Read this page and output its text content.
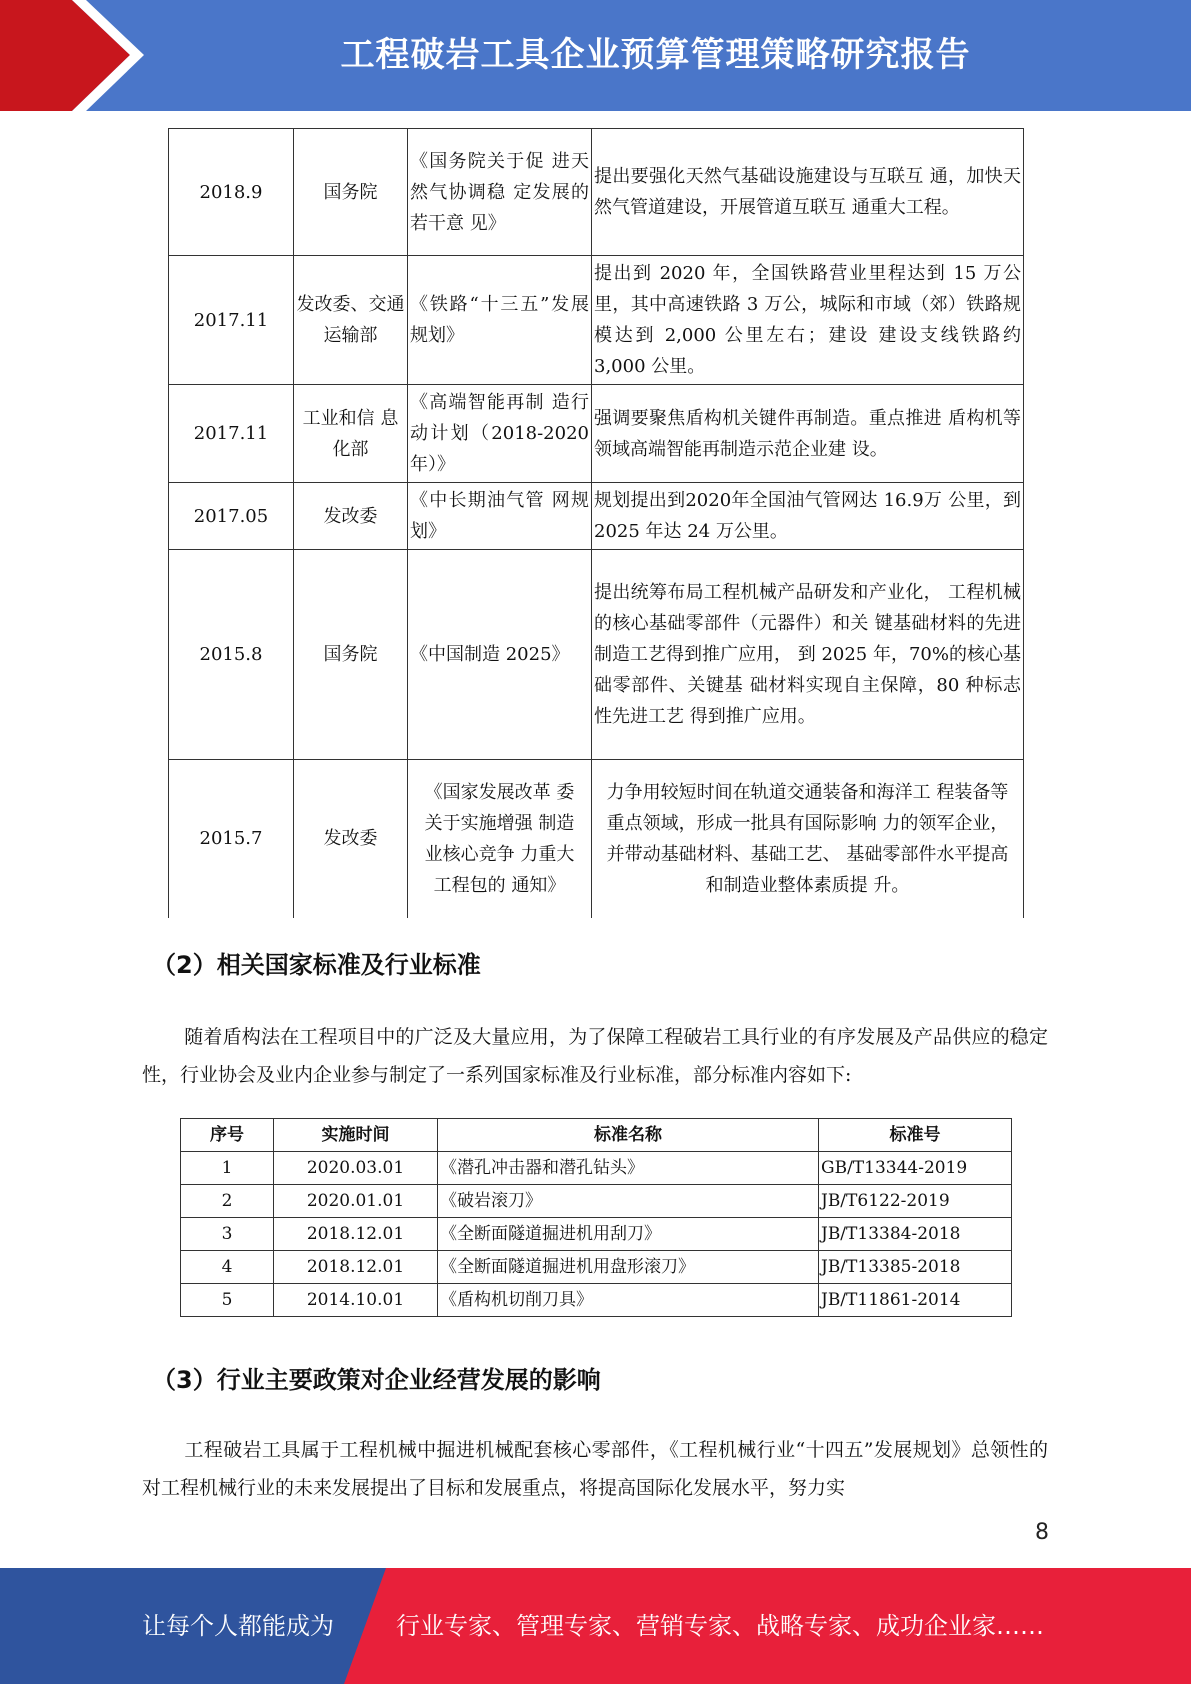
工程破岩工具企业预算管理策略研究报告
2018.9	国务院	《国务院关于促 进天然气协调稳 定发展的若干意 见》	提出要强化天然气基础设施建设与互联互 通，加快天然气管道建设，开展管道互联互 通重大工程。
2017.11	发改委、交通运输部	《铁路“十三五”发展规划》	提出到 2020 年，全国铁路营业里程达到 15 万公里，其中高速铁路 3 万公，城际和市域（郊）铁路规模达到 2,000 公里左右；建设 建设支线铁路约 3,000 公里。
2017.11	工业和信 息化部	《高端智能再制 造行动计划（2018-2020 年）》	强调要聚焦盾构机关键件再制造。重点推进 盾构机等领域高端智能再制造示范企业建 设。
2017.05	发改委	《中长期油气管 网规划》	规划提出到2020年全国油气管网达 16.9万 公里，到 2025 年达 24 万公里。
2015.8	国务院	《中国制造 2025》	提出统筹布局工程机械产品研发和产业化， 工程机械的核心基础零部件（元器件）和关 键基础材料的先进制造工艺得到推广应用， 到 2025 年，70%的核心基础零部件、关键基 础材料实现自主保障，80 种标志性先进工艺 得到推广应用。
2015.7	发改委	《国家发展改革 委关于实施增强 制造业核心竞争 力重大工程包的 通知》	力争用较短时间在轨道交通装备和海洋工 程装备等重点领域，形成一批具有国际影响 力的领军企业，并带动基础材料、基础工艺、 基础零部件水平提高和制造业整体素质提 升。
（2）相关国家标准及行业标准
随着盾构法在工程项目中的广泛及大量应用，为了保障工程破岩工具行业的有序发展及产品供应的稳定性，行业协会及业内企业参与制定了一系列国家标准及行业标准，部分标准内容如下:
序号	实施时间	标准名称	标准号
1	2020.03.01	《潜孔冲击器和潜孔钻头》	GB/T13344-2019
2	2020.01.01	《破岩滚刀》	JB/T6122-2019
3	2018.12.01	《全断面隧道掘进机用刮刀》	JB/T13384-2018
4	2018.12.01	《全断面隧道掘进机用盘形滚刀》	JB/T13385-2018
5	2014.10.01	《盾构机切削刀具》	JB/T11861-2014
（3）行业主要政策对企业经营发展的影响
工程破岩工具属于工程机械中掘进机械配套核心零部件，《工程机械行业“十四五”发展规划》总领性的对工程机械行业的未来发展提出了目标和发展重点，将提高国际化发展水平，努力实
8
让每个人都能成为	行业专家、管理专家、营销专家、战略专家、成功企业家……
